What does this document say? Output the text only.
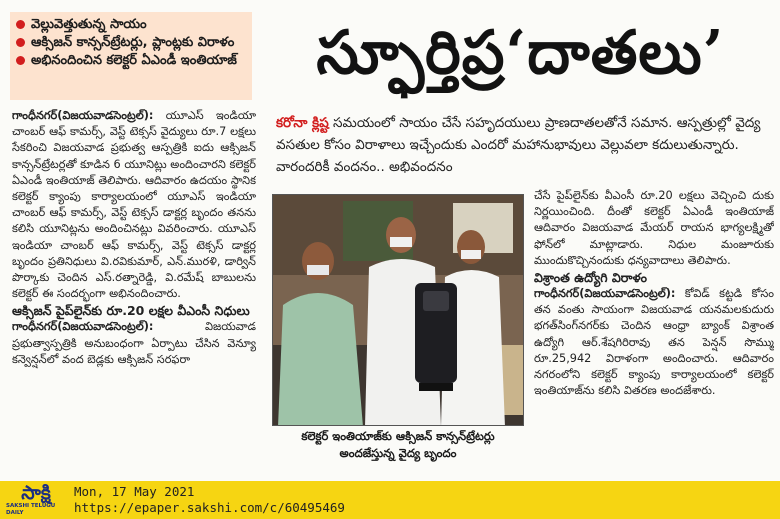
వెల్లువెత్తుతున్న సాయం
ఆక్సిజన్ కాన్సన్‌ట్రేటర్లు, ప్లాంట్లకు విరాళం
అభినందించిన కలెక్టర్ ఏఎండీ ఇంతియాజ్	స్ఫూర్తిప్ర‘దాతలు’
కరోనా క్లిష్ట సమయంలో సాయం చేసే సహృదయులు ప్రాణదాతలతోనే సమాన. ఆస్పత్రుల్లో వైద్య వసతుల కోసం విరాళాలు ఇచ్చేందుకు ఎందరో మహానుభావులు వెల్లువలా కదులుతున్నారు. వారందరికీ వందనం.. అభివందనం

గాంధీనగర్(విజయవాడసెంట్రల్): యూఎస్ ఇండియా చాంబర్ ఆఫ్ కామర్స్, వెస్ట్ టెక్సస్ వైద్యులు రూ.7 లక్షలు సేకరించి విజయవాడ ప్రభుత్వ ఆస్పత్రికి ఐదు ఆక్సిజన్ కాన్సన్‌ట్రేటర్లతో కూడిన 6 యూనిట్లు అందించారని కలెక్టర్ ఏఎండీ ఇంతియాజ్ తెలిపారు. ఆదివారం ఉదయం స్థానిక కలెక్టర్ క్యాంపు కార్యాలయంలో యూఎస్ ఇండియా చాంబర్ ఆఫ్ కామర్స్, వెస్ట్ టెక్సస్ డాక్టర్ల బృందం తనను కలిసి యూనిట్లను అందించినట్లు వివరించారు. యూఎస్ ఇండియా చాంబర్ ఆఫ్ కామర్స్, వెస్ట్ టెక్సస్ డాక్టర్ల బృందం ప్రతినిధులు వి.రవికుమార్, ఎన్.మురళి, డార్విన్ పొర్కాకు చెందిన ఎస్.రత్నారెడ్డి, వి.రమేష్ బాబులను కలెక్టర్ ఈ సందర్భంగా అభినందించారు.

ఆక్సిజన్ పైప్‌లైన్‌కు రూ.20 లక్షల వీఎంసీ నిధులు

గాంధీనగర్(విజయవాడసెంట్రల్): విజయవాడ ప్రభుత్వాస్పత్రికి అనుబంధంగా ఏర్పాటు చేసిన వెన్యూ కన్వెన్షన్‌లో వంద బెడ్లకు ఆక్సిజన్ సరఫరా

కలెక్టర్ ఇంతియాజ్‌కు ఆక్సిజన్ కాన్సన్‌ట్రేటర్లు అందజేస్తున్న వైద్య బృందం

చేసే పైప్‌లైన్‌కు వీఎంసీ రూ.20 లక్షలు వెచ్చించి దుకు నిర్ణయించింది. దీంతో కలెక్టర్ ఏఎండీ ఇంతియాజ్ ఆదివారం విజయవాడ మేయర్ రాయన భాగ్యలక్ష్మితో ఫోన్‌లో మాట్లాడారు. నిధుల మంజూరుకు ముందుకొచ్చినందుకు ధన్యవాదాలు తెలిపారు.

విశ్రాంత ఉద్యోగి విరాళం

గాంధీనగర్(విజయవాడసెంట్రల్): కోవిడ్ కట్టడి కోసం తన వంతు సాయంగా విజయవాడ యనమలకుదురు భగత్‌సింగ్‌నగర్‌కు చెందిన ఆంధ్రా బ్యాంక్ విశ్రాంత ఉద్యోగి ఆర్.శేషగిరిరావు తన పెన్షన్ సొమ్ము రూ.25,942 విరాళంగా అందించారు. ఆదివారం నగరంలోని కలెక్టర్ క్యాంపు కార్యాలయంలో కలెక్టర్ ఇంతియాజ్‌ను కలిసి వితరణ అందజేశారు.

సాక్షి
SAKSHI TELUGU DAILY
Mon, 17 May 2021
https://epaper.sakshi.com/c/60495469
